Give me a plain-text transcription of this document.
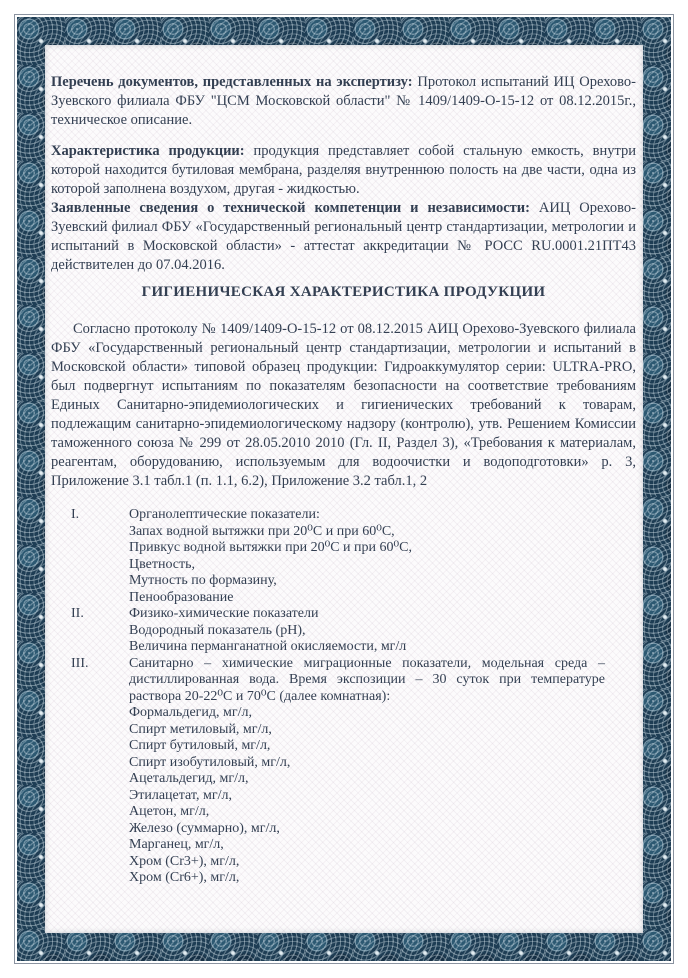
Перечень документов, представленных на экспертизу: Протокол испытаний ИЦ Орехово-Зуевского филиала ФБУ "ЦСМ Московской области" № 1409/1409-О-15-12 от 08.12.2015г., техническое описание.

Характеристика продукции: продукция представляет собой стальную емкость, внутри которой находится бутиловая мембрана, разделяя внутреннюю полость на две части, одна из которой заполнена воздухом, другая - жидкостью.

Заявленные сведения о технической компетенции и независимости: АИЦ Орехово-Зуевский филиал ФБУ «Государственный региональный центр стандартизации, метрологии и испытаний в Московской области» - аттестат аккредитации № РОСС RU.0001.21ПТ43 действителен до 07.04.2016.

ГИГИЕНИЧЕСКАЯ ХАРАКТЕРИСТИКА ПРОДУКЦИИ

Согласно протоколу № 1409/1409-О-15-12 от 08.12.2015 АИЦ Орехово-Зуевского филиала ФБУ «Государственный региональный центр стандартизации, метрологии и испытаний в Московской области» типовой образец продукции: Гидроаккумулятор серии: ULTRA-PRO, был подвергнут испытаниям по показателям безопасности на соответствие требованиям Единых Санитарно-эпидемиологических и гигиенических требований к товарам, подлежащим санитарно-эпидемиологическому надзору (контролю), утв. Решением Комиссии таможенного союза № 299 от 28.05.2010 2010 (Гл. II, Раздел 3), «Требования к материалам, реагентам, оборудованию, используемым для водоочистки и водоподготовки» р. 3, Приложение 3.1 табл.1 (п. 1.1, 6.2), Приложение 3.2 табл.1, 2

I.	Органолептические показатели:
Запах водной вытяжки при 20⁰С и при 60⁰С,
Привкус водной вытяжки при 20⁰С и при 60⁰С,
Цветность,
Мутность по формазину,
Пенообразование
II.	Физико-химические показатели
Водородный показатель (рН),
Величина перманганатной окисляемости, мг/л
III.	Санитарно – химические миграционные показатели, модельная среда – дистиллированная вода. Время экспозиции – 30 суток при температуре раствора 20-22⁰С и 70⁰С (далее комнатная):
Формальдегид, мг/л,
Спирт метиловый, мг/л,
Спирт бутиловый, мг/л,
Спирт изобутиловый, мг/л,
Ацетальдегид, мг/л,
Этилацетат, мг/л,
Ацетон, мг/л,
Железо (суммарно), мг/л,
Марганец, мг/л,
Хром (Cr3+), мг/л,
Хром (Cr6+), мг/л,
